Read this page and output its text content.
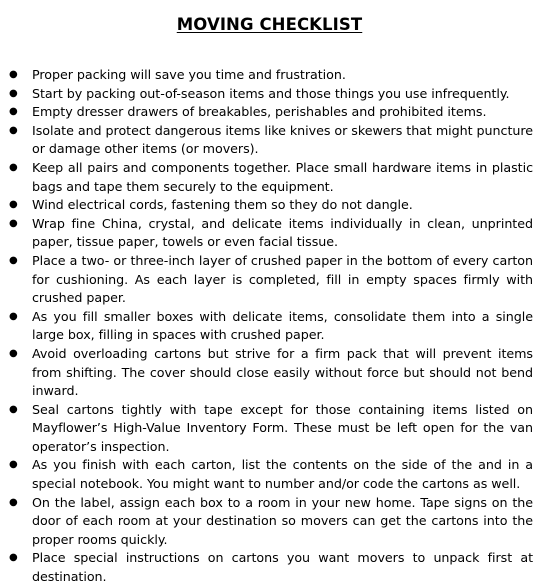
MOVING CHECKLIST
● Proper packing will save you time and frustration.
● Start by packing out-of-season items and those things you use infrequently.
● Empty dresser drawers of breakables, perishables and prohibited items.
● Isolate and protect dangerous items like knives or skewers that might puncture or damage other items (or movers).
● Keep all pairs and components together. Place small hardware items in plastic bags and tape them securely to the equipment.
● Wind electrical cords, fastening them so they do not dangle.
● Wrap fine China, crystal, and delicate items individually in clean, unprinted paper, tissue paper, towels or even facial tissue.
● Place a two- or three-inch layer of crushed paper in the bottom of every carton for cushioning. As each layer is completed, fill in empty spaces firmly with crushed paper.
● As you fill smaller boxes with delicate items, consolidate them into a single large box, filling in spaces with crushed paper.
● Avoid overloading cartons but strive for a firm pack that will prevent items from shifting. The cover should close easily without force but should not bend inward.
● Seal cartons tightly with tape except for those containing items listed on Mayflower’s High-Value Inventory Form. These must be left open for the van operator’s inspection.
● As you finish with each carton, list the contents on the side of the and in a special notebook. You might want to number and/or code the cartons as well.
● On the label, assign each box to a room in your new home. Tape signs on the door of each room at your destination so movers can get the cartons into the proper rooms quickly.
● Place special instructions on cartons you want movers to unpack first at destination.
